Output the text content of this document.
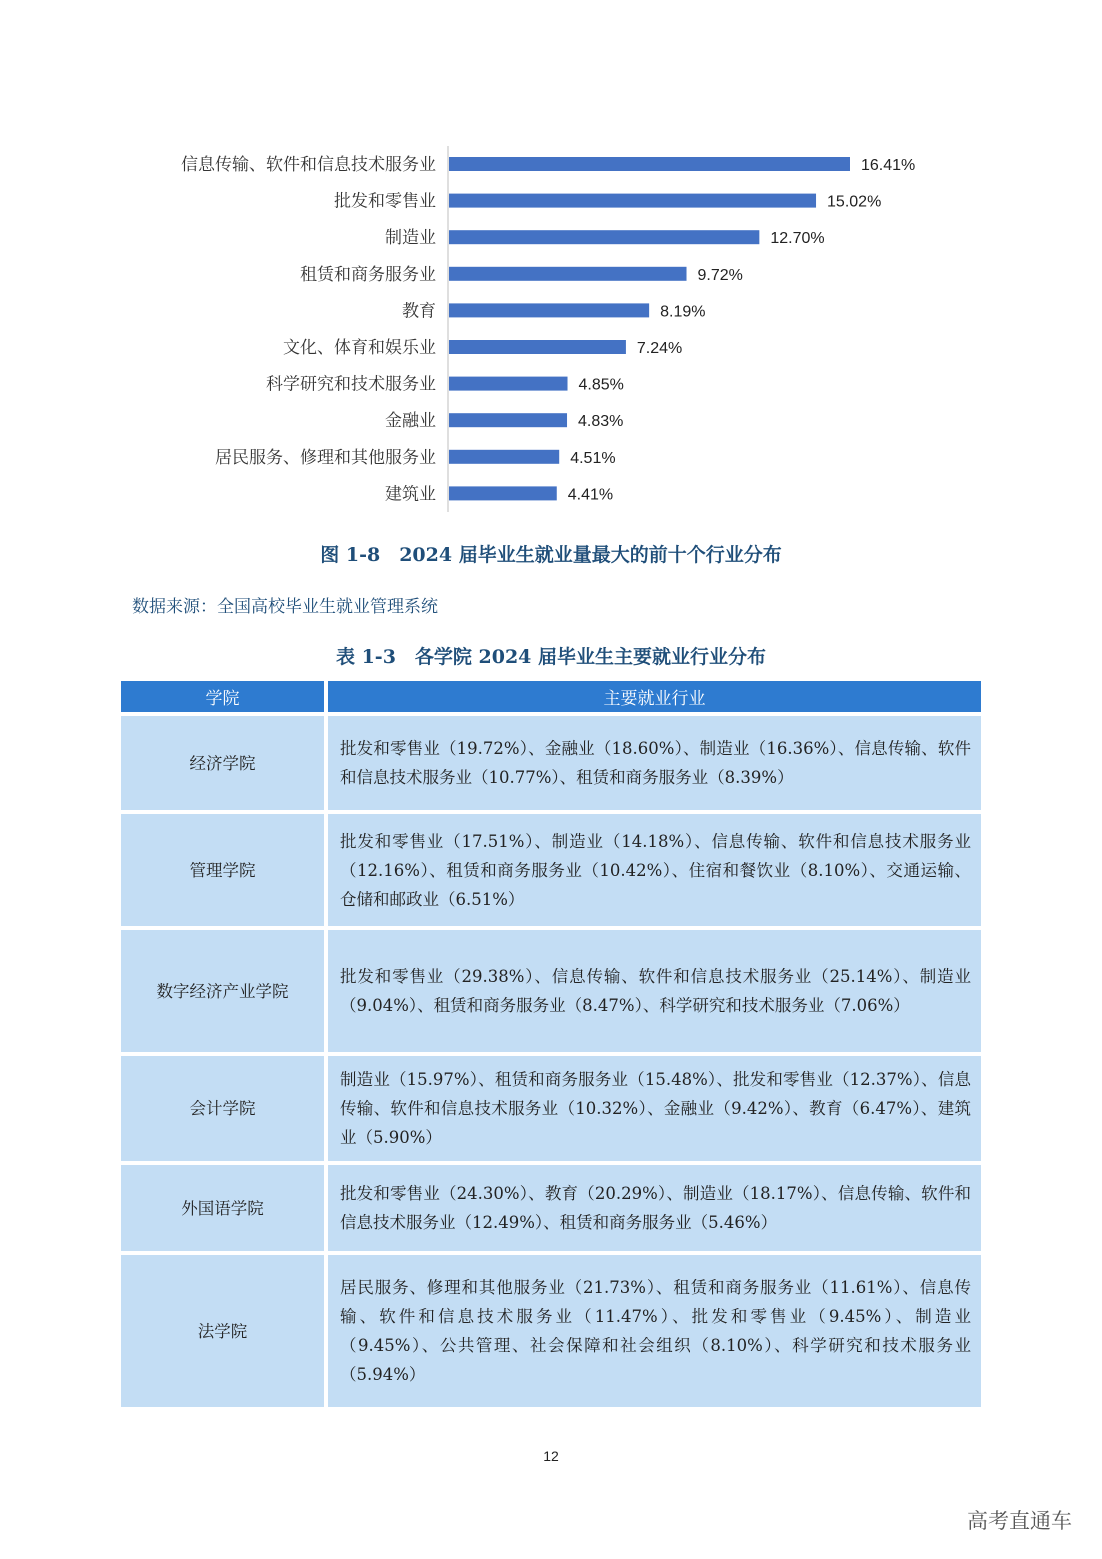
信息传输、软件和信息技术服务业	16.41%
批发和零售业	15.02%
制造业	12.70%
租赁和商务服务业	9.72%
教育	8.19%
文化、体育和娱乐业	7.24%
科学研究和技术服务业	4.85%
金融业	4.83%
居民服务、修理和其他服务业	4.51%
建筑业	4.41%
图 1-8　2024 届毕业生就业量最大的前十个行业分布
数据来源：全国高校毕业生就业管理系统
表 1-3　各学院 2024 届毕业生主要就业行业分布
学院	主要就业行业
经济学院	批发和零售业（19.72%）、金融业（18.60%）、制造业（16.36%）、信息传输、软件和信息技术服务业（10.77%）、租赁和商务服务业（8.39%）
管理学院	批发和零售业（17.51%）、制造业（14.18%）、信息传输、软件和信息技术服务业（12.16%）、租赁和商务服务业（10.42%）、住宿和餐饮业（8.10%）、交通运输、仓储和邮政业（6.51%）
数字经济产业学院	批发和零售业（29.38%）、信息传输、软件和信息技术服务业（25.14%）、制造业（9.04%）、租赁和商务服务业（8.47%）、科学研究和技术服务业（7.06%）
会计学院	制造业（15.97%）、租赁和商务服务业（15.48%）、批发和零售业（12.37%）、信息传输、软件和信息技术服务业（10.32%）、金融业（9.42%）、教育（6.47%）、建筑业（5.90%）
外国语学院	批发和零售业（24.30%）、教育（20.29%）、制造业（18.17%）、信息传输、软件和信息技术服务业（12.49%）、租赁和商务服务业（5.46%）
法学院	居民服务、修理和其他服务业（21.73%）、租赁和商务服务业（11.61%）、信息传输、软件和信息技术服务业（11.47%）、批发和零售业（9.45%）、制造业（9.45%）、公共管理、社会保障和社会组织（8.10%）、科学研究和技术服务业（5.94%）
12
高考直通车
